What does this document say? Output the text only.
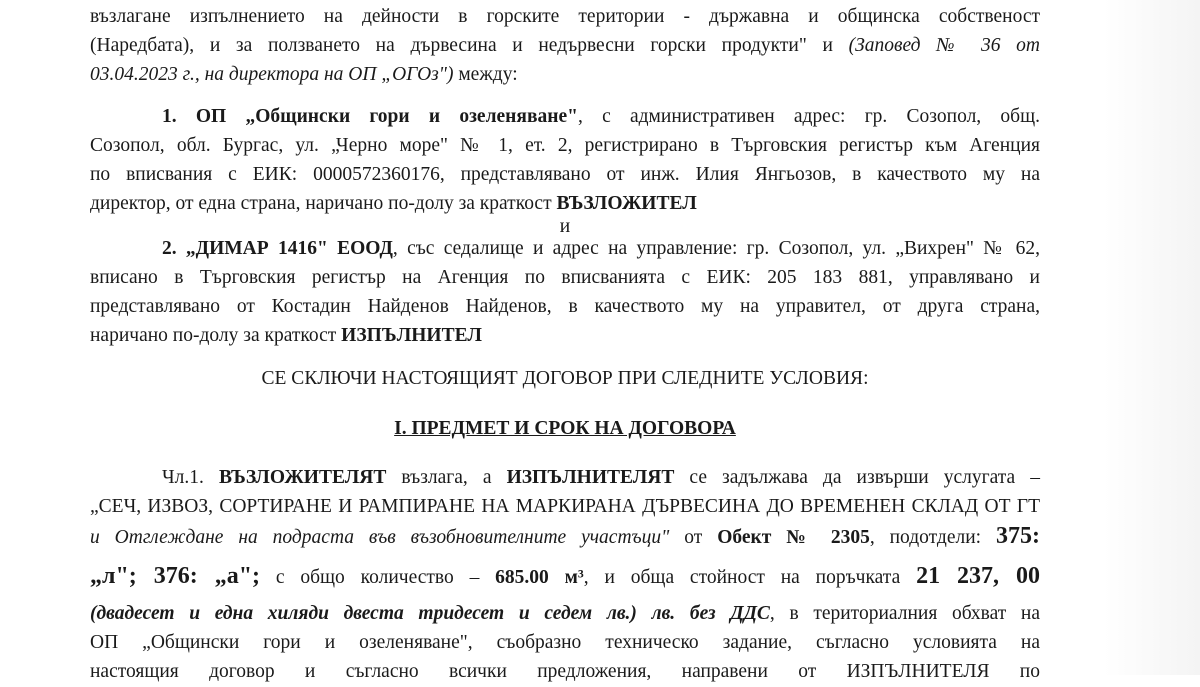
възлагане изпълнението на дейности в горските територии - държавна и общинска собственост
(Наредбата), и за ползването на дървесина и недървесни горски продукти" и (Заповед № 36 от
03.04.2023 г., на директора на ОП „ОГОз") между:
1. ОП „Общински гори и озеленяване", с административен адрес: гр. Созопол, общ.
Созопол, обл. Бургас, ул. „Черно море" № 1, ет. 2, регистрирано в Търговския регистър към Агенция
по вписвания с ЕИК: 0000572360176, представлявано от инж. Илия Янгьозов, в качеството му на
директор, от една страна, наричано по-долу за краткост ВЪЗЛОЖИТЕЛ
и
2. „ДИМАР 1416" ЕООД, със седалище и адрес на управление: гр. Созопол, ул. „Вихрен" № 62,
вписано в Търговския регистър на Агенция по вписванията с ЕИК: 205 183 881, управлявано и
представлявано от Костадин Найденов Найденов, в качеството му на управител, от друга страна,
наричано по-долу за краткост ИЗПЪЛНИТЕЛ
СЕ СКЛЮЧИ НАСТОЯЩИЯТ ДОГОВОР ПРИ СЛЕДНИТЕ УСЛОВИЯ:
I. ПРЕДМЕТ И СРОК НА ДОГОВОРА
Чл.1. ВЪЗЛОЖИТЕЛЯТ възлага, а ИЗПЪЛНИТЕЛЯТ се задължава да извърши услугата –
„СЕЧ, ИЗВОЗ, СОРТИРАНЕ И РАМПИРАНЕ НА МАРКИРАНА ДЪРВЕСИНА ДО ВРЕМЕНЕН СКЛАД ОТ ГТ
и Отглеждане на подраста във възобновителните участъци" от Обект № 2305, подотдели: 375:
„л"; 376: „а"; с общо количество – 685.00 м³, и обща стойност на поръчката 21 237, 00
(двадесет и една хиляди двеста тридесет и седем лв.) лв. без ДДС, в териториалния обхват на
ОП „Общински гори и озеленяване", съобразно техническо задание, съгласно условията на
настоящия договор и съгласно всички предложения, направени от ИЗПЪЛНИТЕЛЯ по
